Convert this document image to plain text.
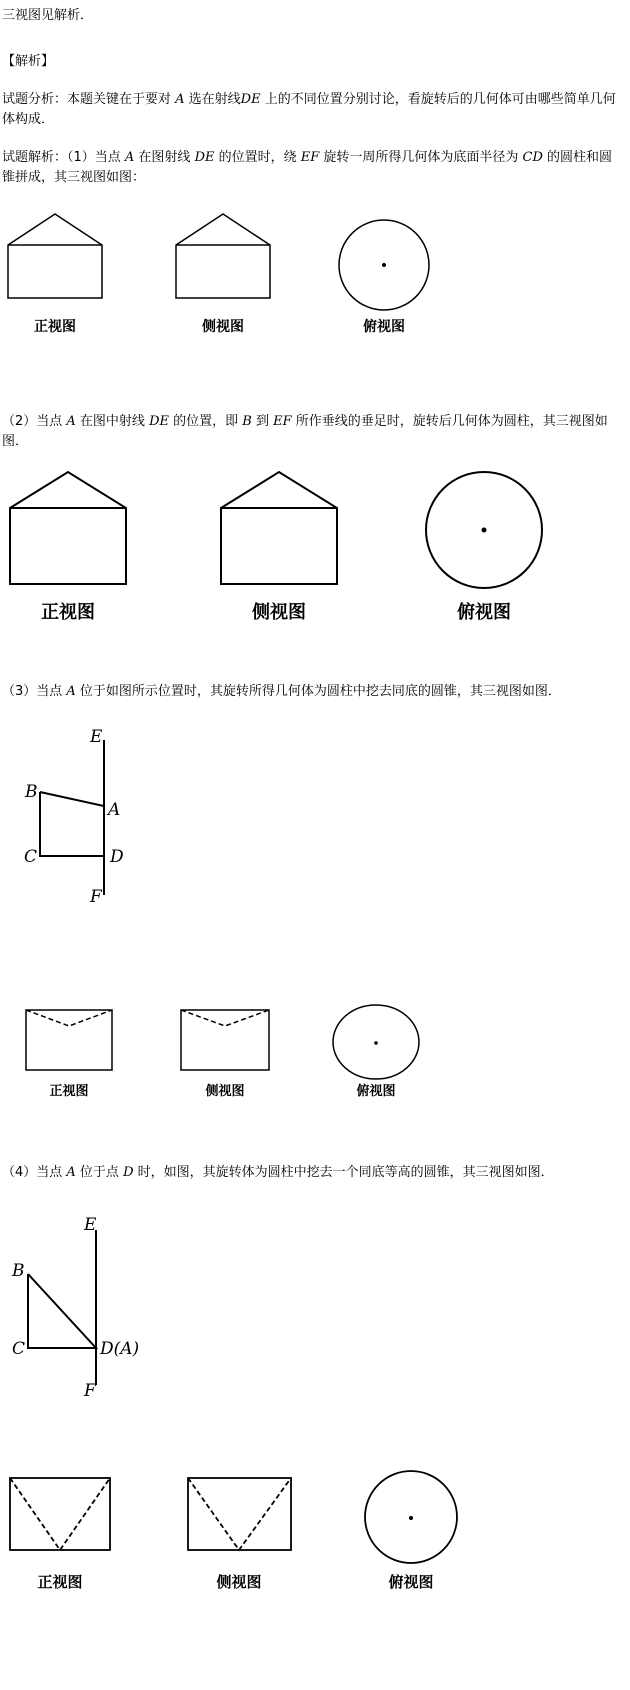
三视图见解析．
【解析】
试题分析：本题关键在于要对 A 选在射线DE 上的不同位置分别讨论，看旋转后的几何体可由哪些简单几何体构成．
试题解析：（1）当点 A 在图射线 DE 的位置时，绕 EF 旋转一周所得几何体为底面半径为 CD 的圆柱和圆锥拼成，其三视图如图：
正视图	侧视图	俯视图
（2）当点 A 在图中射线 DE 的位置，即 B 到 EF 所作垂线的垂足时，旋转后几何体为圆柱，其三视图如图．
正视图	侧视图	俯视图
（3）当点 A 位于如图所示位置时，其旋转所得几何体为圆柱中挖去同底的圆锥，其三视图如图．
E
B
A
C	D
F
正视图	侧视图	俯视图
（4）当点 A 位于点 D 时，如图，其旋转体为圆柱中挖去一个同底等高的圆锥，其三视图如图．
E
B
C	D(A)
F
正视图	侧视图	俯视图
